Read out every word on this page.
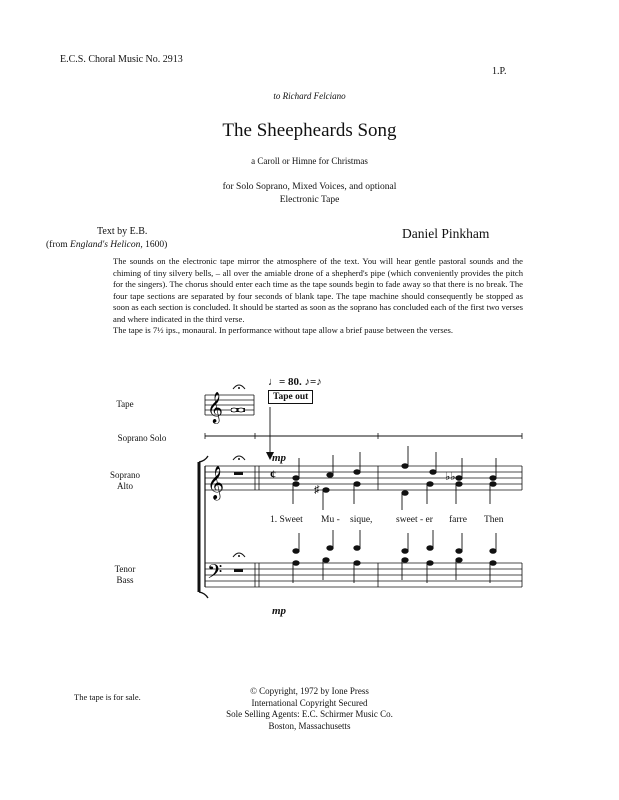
E.C.S. Choral Music No. 2913
1.P.
to Richard Felciano
The Sheepheards Song
a Caroll or Himne for Christmas
for Solo Soprano, Mixed Voices, and optional
Electronic Tape
Text by E.B.
(from England's Helicon, 1600)
Daniel Pinkham

The sounds on the electronic tape mirror the atmosphere of the text. You will hear gentle pastoral sounds and the chiming of tiny silvery bells, – all over the amiable drone of a shepherd's pipe (which conveniently provides the pitch for the singers). The chorus should enter each time as the tape sounds begin to fade away so that there is no break. The four tape sections are separated by four seconds of blank tape. The tape machine should consequently be stopped as soon as each section is concluded. It should be started as soon as the soprano has concluded each of the first two verses and where indicated in the third verse.

The tape is 7½ ips., monaural. In performance without tape allow a brief pause between the verses.

Tape
Soprano Solo
Soprano
Alto
Tenor
Bass
𝄞
𝄞
𝄢
¢
♯
♭♭
♩= 80. ♪=♪
Tape out
mp
mp
1. Sweet Mu - sique, sweet - er farre Then
The tape is for sale.
© Copyright, 1972 by Ione Press
International Copyright Secured
Sole Selling Agents: E.C. Schirmer Music Co.
Boston, Massachusetts
